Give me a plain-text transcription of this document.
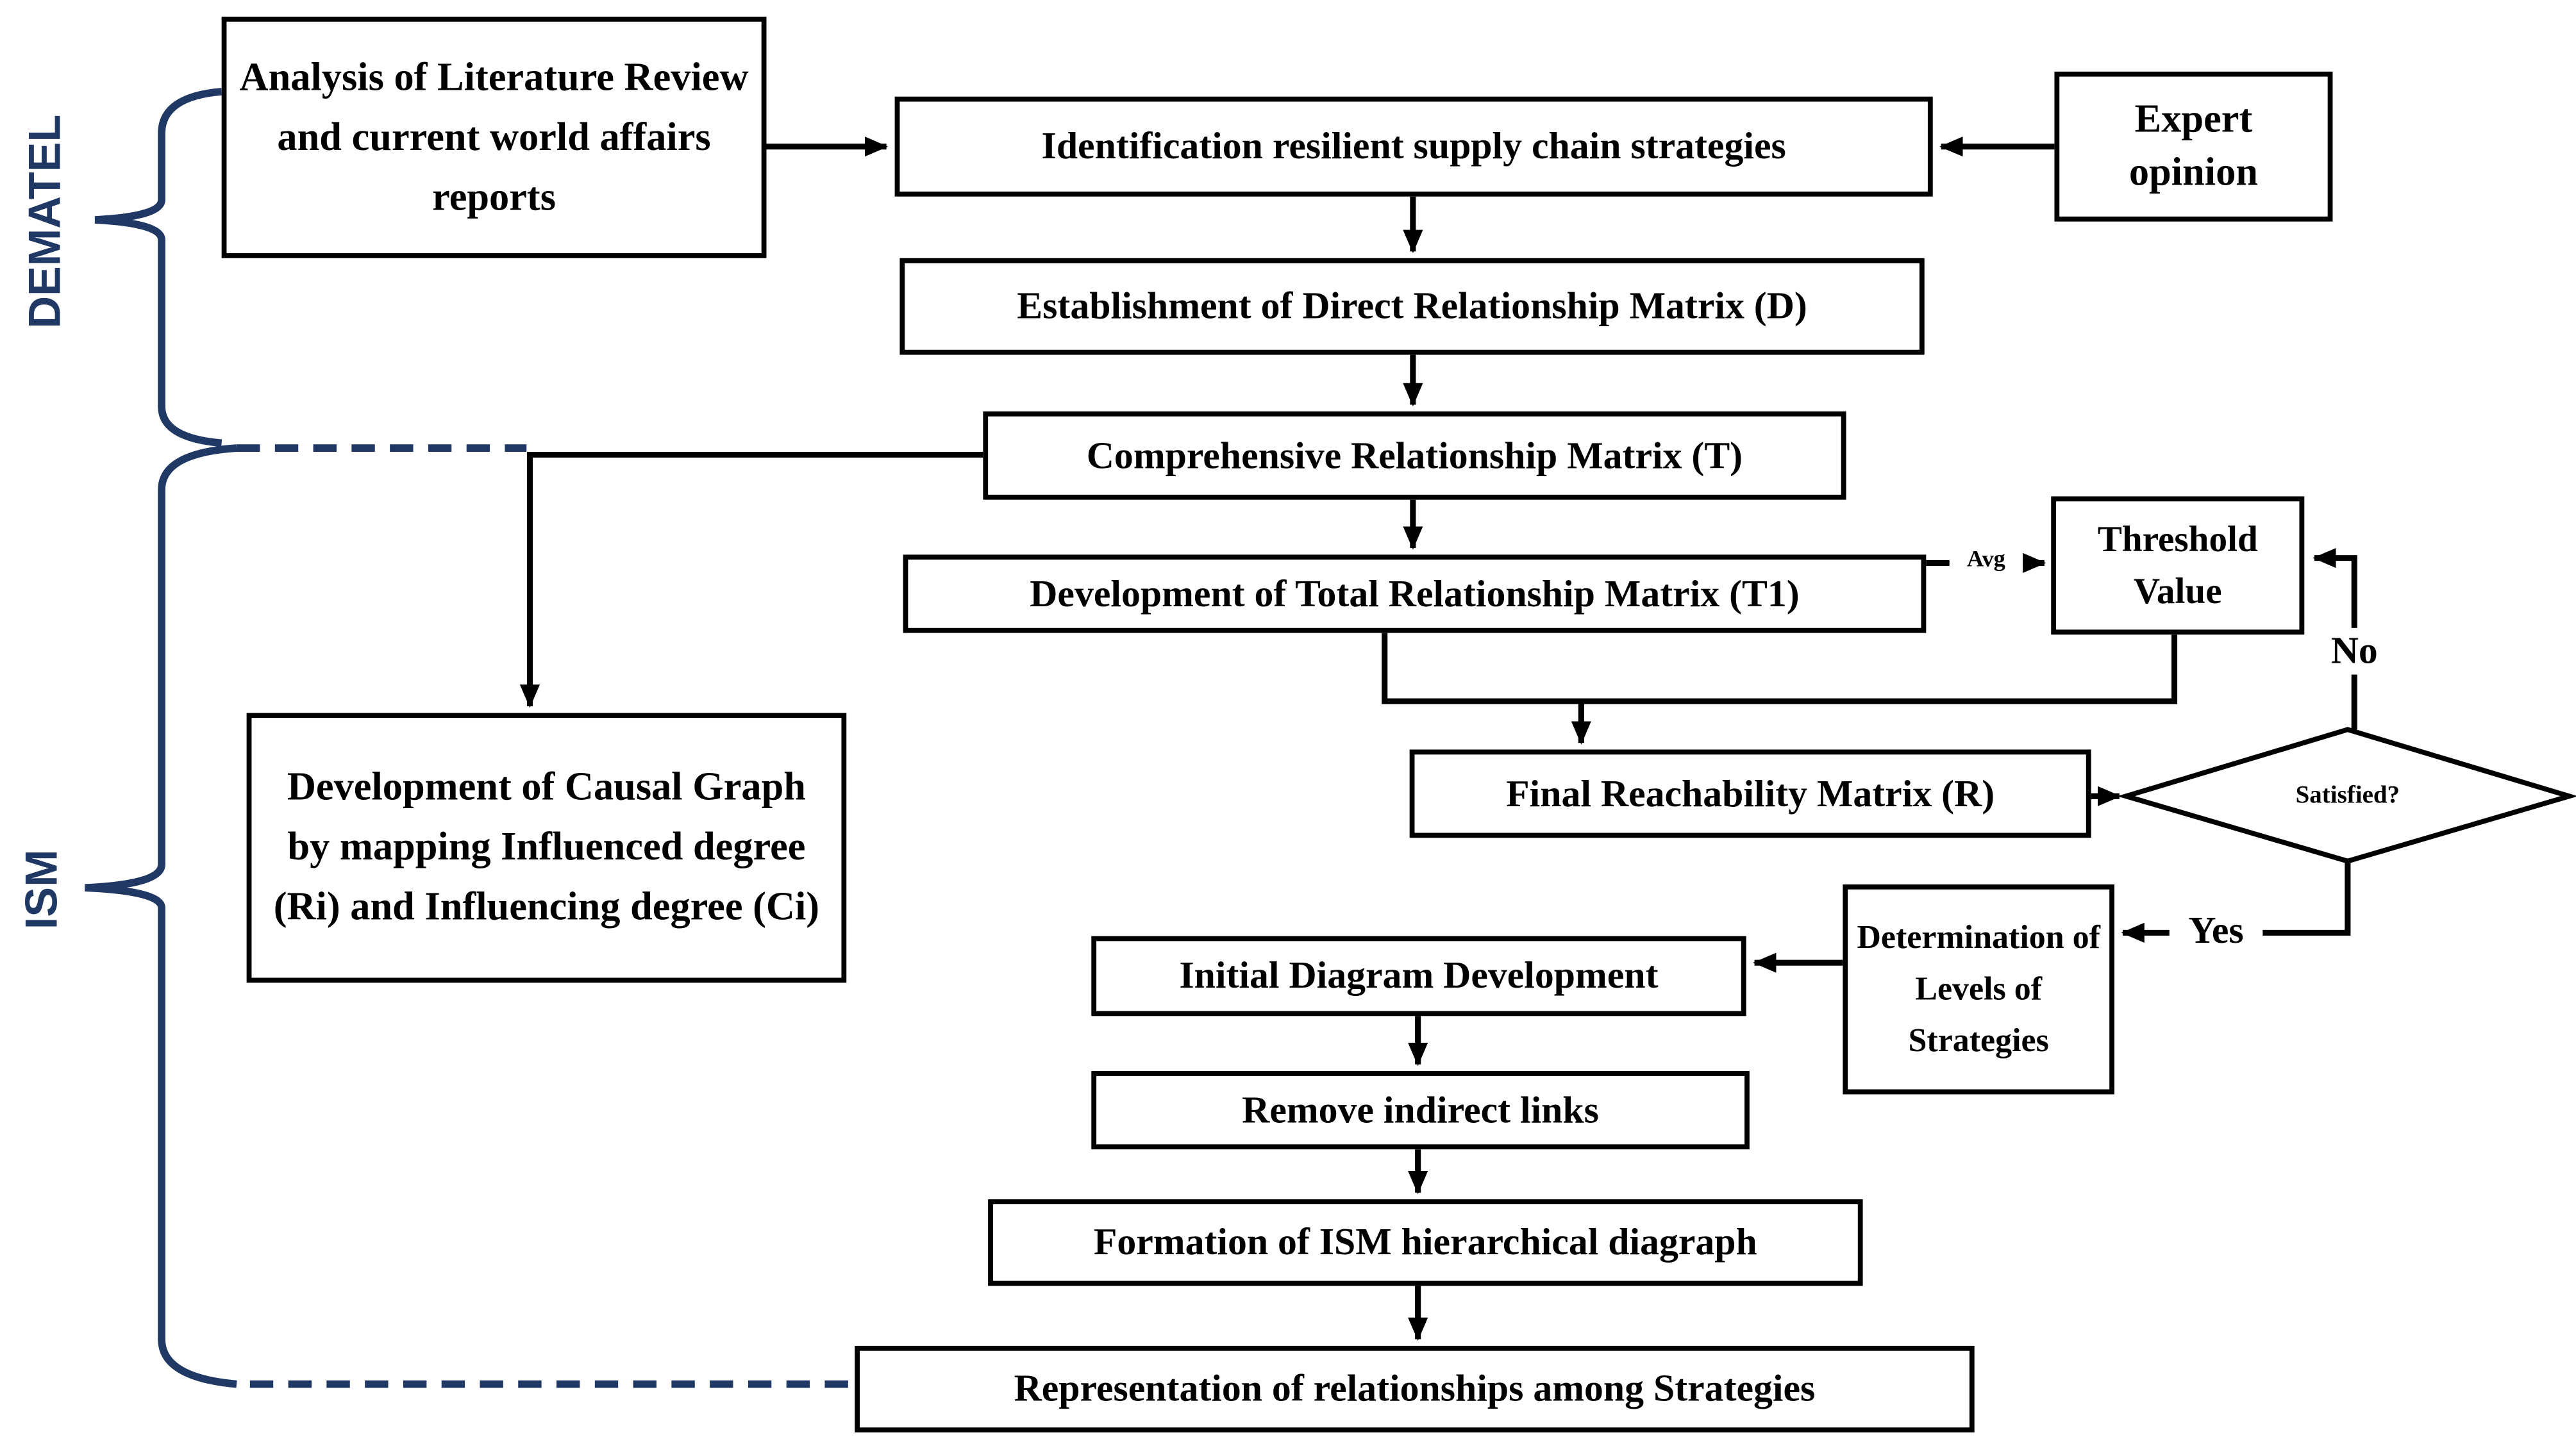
Analysis of Literature Review and current world affairs reports
Identification resilient supply chain strategies
Expert opinion
Establishment of Direct Relationship Matrix (D)
Comprehensive Relationship Matrix (T)
Development of Total Relationship Matrix (T1)
Threshold Value
Development of Causal Graph by mapping Influenced degree (Ri) and Influencing degree (Ci)
Final Reachability Matrix (R)
Determination of Levels of Strategies
Initial Diagram Development
Remove indirect links
Formation of ISM hierarchical diagraph
Representation of relationships among Strategies
Satisfied?
Avg
No
Yes
DEMATEL
ISM
